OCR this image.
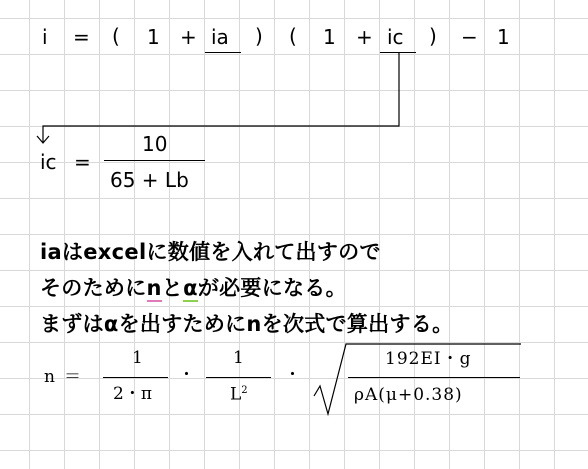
i = ( 1 + ia ) ( 1 + ic ) − 1
ic =
10
65 + Lb
iaはexcelに数値を入れて出すので
そのためにnとαが必要になる。
まずはαを出すためにnを次式で算出する。
n ＝
1
2・π
・
1
$L^2$
・
192EI・g
ρA(μ+0.38)
